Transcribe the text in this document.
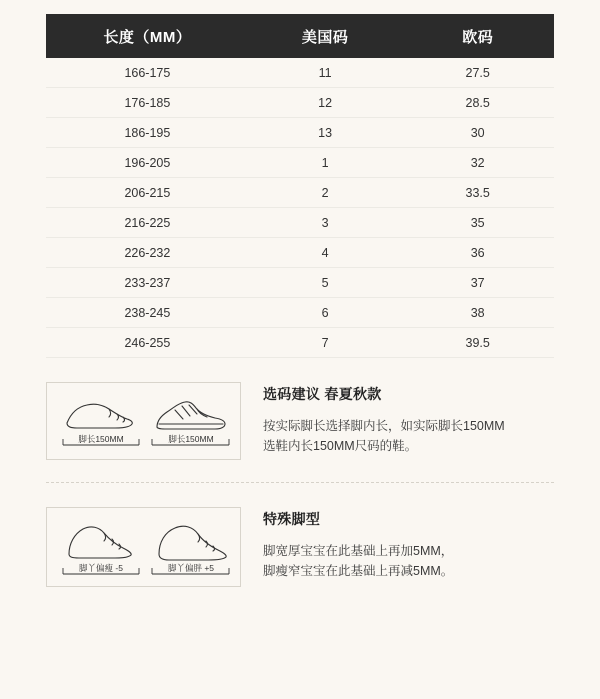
长度（MM）	美国码	欧码
166-175	11	27.5
176-185	12	28.5
186-195	13	30
196-205	1	32
206-215	2	33.5
216-225	3	35
226-232	4	36
233-237	5	37
238-245	6	38
246-255	7	39.5
脚长150MM	脚长150MM
选码建议 春夏秋款
按实际脚长选择脚内长，如实际脚长150MM
选鞋内长150MM尺码的鞋。
脚丫偏瘦 -5	脚丫偏胖 +5
特殊脚型
脚宽厚宝宝在此基础上再加5MM，
脚瘦窄宝宝在此基础上再减5MM。
